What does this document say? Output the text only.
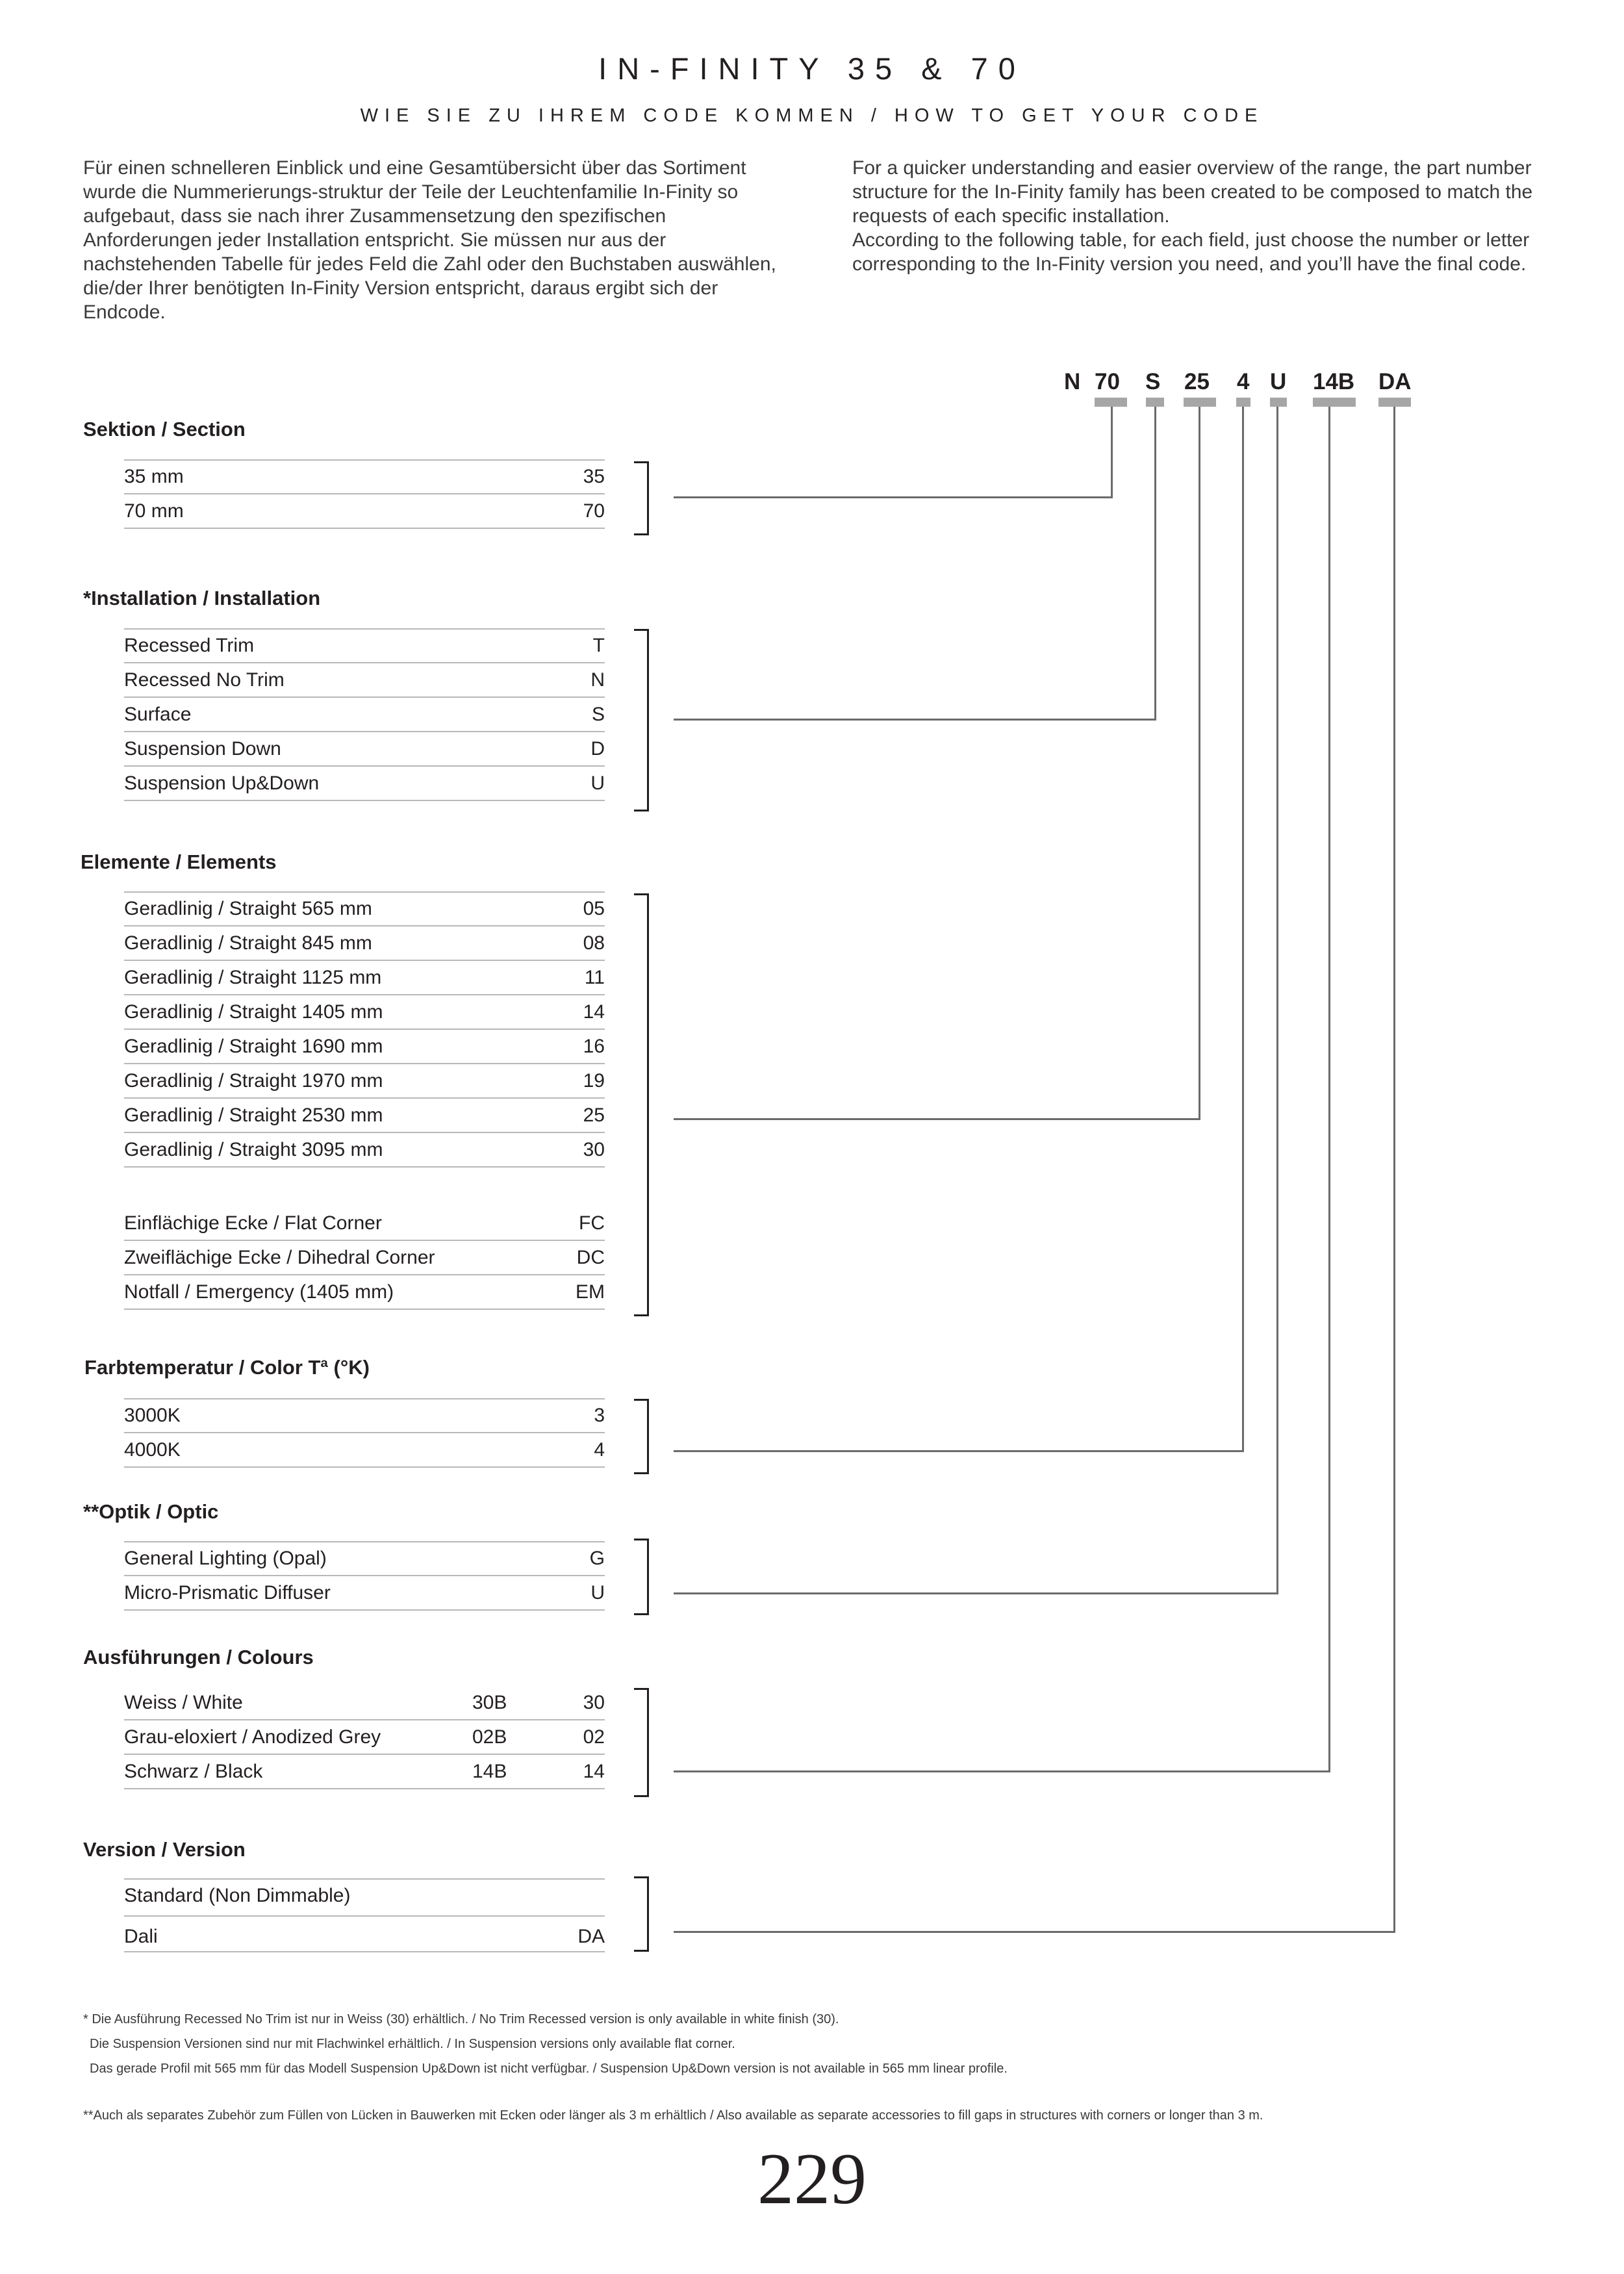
IN-FINITY 35 & 70
WIE SIE ZU IHREM CODE KOMMEN / HOW TO GET YOUR CODE

Für einen schnelleren Einblick und eine Gesamtübersicht über das Sortiment wurde die Nummerierungs-struktur der Teile der Leuchtenfamilie In-Finity so aufgebaut, dass sie nach ihrer Zusammensetzung den spezifischen Anforderungen jeder Installation entspricht. Sie müssen nur aus der nachstehenden Tabelle für jedes Feld die Zahl oder den Buchstaben auswählen, die/der Ihrer benötigten In-Finity Version entspricht, daraus ergibt sich der Endcode.

For a quicker understanding and easier overview of the range, the part number structure for the In-Finity family has been created to be composed to match the requests of each specific installation.

According to the following table, for each field, just choose the number or letter corresponding to the In-Finity version you need, and you’ll have the final code.

N 70 S 25 4 U 14B DA
Sektion / Section
35 mm	35
70 mm	70
*Installation / Installation
Recessed Trim	T
Recessed No Trim	N
Surface	S
Suspension Down	D
Suspension Up&Down	U
Elemente / Elements
Geradlinig / Straight 565 mm	05
Geradlinig / Straight 845 mm	08
Geradlinig / Straight 1125 mm	11
Geradlinig / Straight 1405 mm	14
Geradlinig / Straight 1690 mm	16
Geradlinig / Straight 1970 mm	19
Geradlinig / Straight 2530 mm	25
Geradlinig / Straight 3095 mm	30
Einflächige Ecke / Flat Corner	FC
Zweiflächige Ecke / Dihedral Corner	DC
Notfall / Emergency (1405 mm)	EM
Farbtemperatur / Color Tª (°K)
3000K	3
4000K	4
**Optik / Optic
General Lighting (Opal)	G
Micro-Prismatic Diffuser	U
Ausführungen / Colours
Weiss / White	30B	30
Grau-eloxiert / Anodized Grey	02B	02
Schwarz / Black	14B	14
Version / Version
Standard (Non Dimmable)
Dali	DA
* Die Ausführung Recessed No Trim ist nur in Weiss (30) erhältlich. / No Trim Recessed version is only available in white finish (30).
Die Suspension Versionen sind nur mit Flachwinkel erhältlich. / In Suspension versions only available flat corner.
Das gerade Profil mit 565 mm für das Modell Suspension Up&Down ist nicht verfügbar. / Suspension Up&Down version is not available in 565 mm linear profile.
**Auch als separates Zubehör zum Füllen von Lücken in Bauwerken mit Ecken oder länger als 3 m erhältlich / Also available as separate accessories to fill gaps in structures with corners or longer than 3 m.
229
